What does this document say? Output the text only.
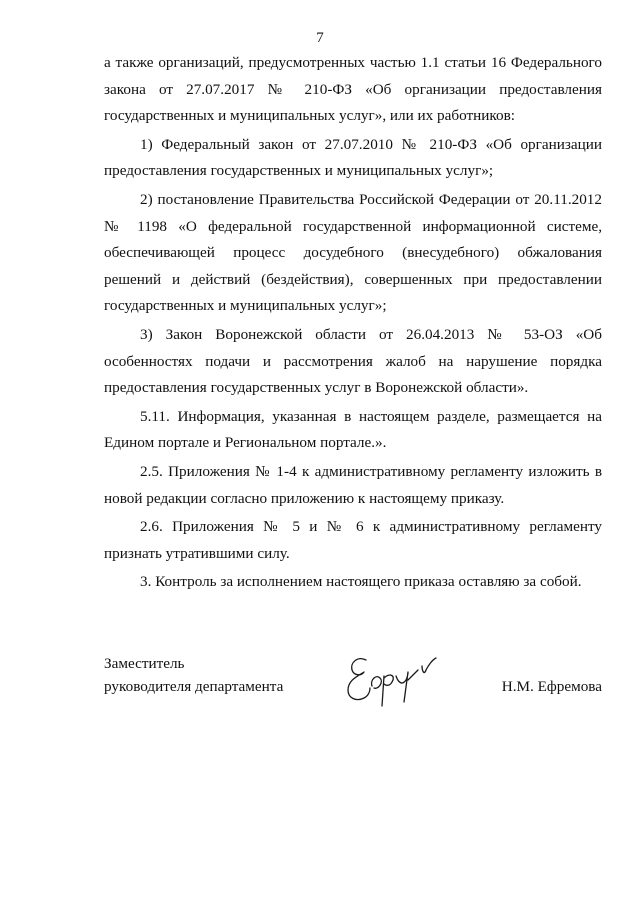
7

а также организаций, предусмотренных частью 1.1 статьи 16 Федерального закона от 27.07.2017 № 210-ФЗ «Об организации предоставления государственных и муниципальных услуг», или их работников:

1) Федеральный закон от 27.07.2010 № 210-ФЗ «Об организации предоставления государственных и муниципальных услуг»;

2) постановление Правительства Российской Федерации от 20.11.2012 № 1198 «О федеральной государственной информационной системе, обеспечивающей процесс досудебного (внесудебного) обжалования решений и действий (бездействия), совершенных при предоставлении государственных и муниципальных услуг»;

3) Закон Воронежской области от 26.04.2013 № 53-ОЗ «Об особенностях подачи и рассмотрения жалоб на нарушение порядка предоставления государственных услуг в Воронежской области».

5.11. Информация, указанная в настоящем разделе, размещается на Едином портале и Региональном портале.».

2.5. Приложения № 1-4 к административному регламенту изложить в новой редакции согласно приложению к настоящему приказу.

2.6. Приложения № 5 и № 6 к административному регламенту признать утратившими силу.

3. Контроль за исполнением настоящего приказа оставляю за собой.

Заместитель
руководителя департамента	Н.М. Ефремова
